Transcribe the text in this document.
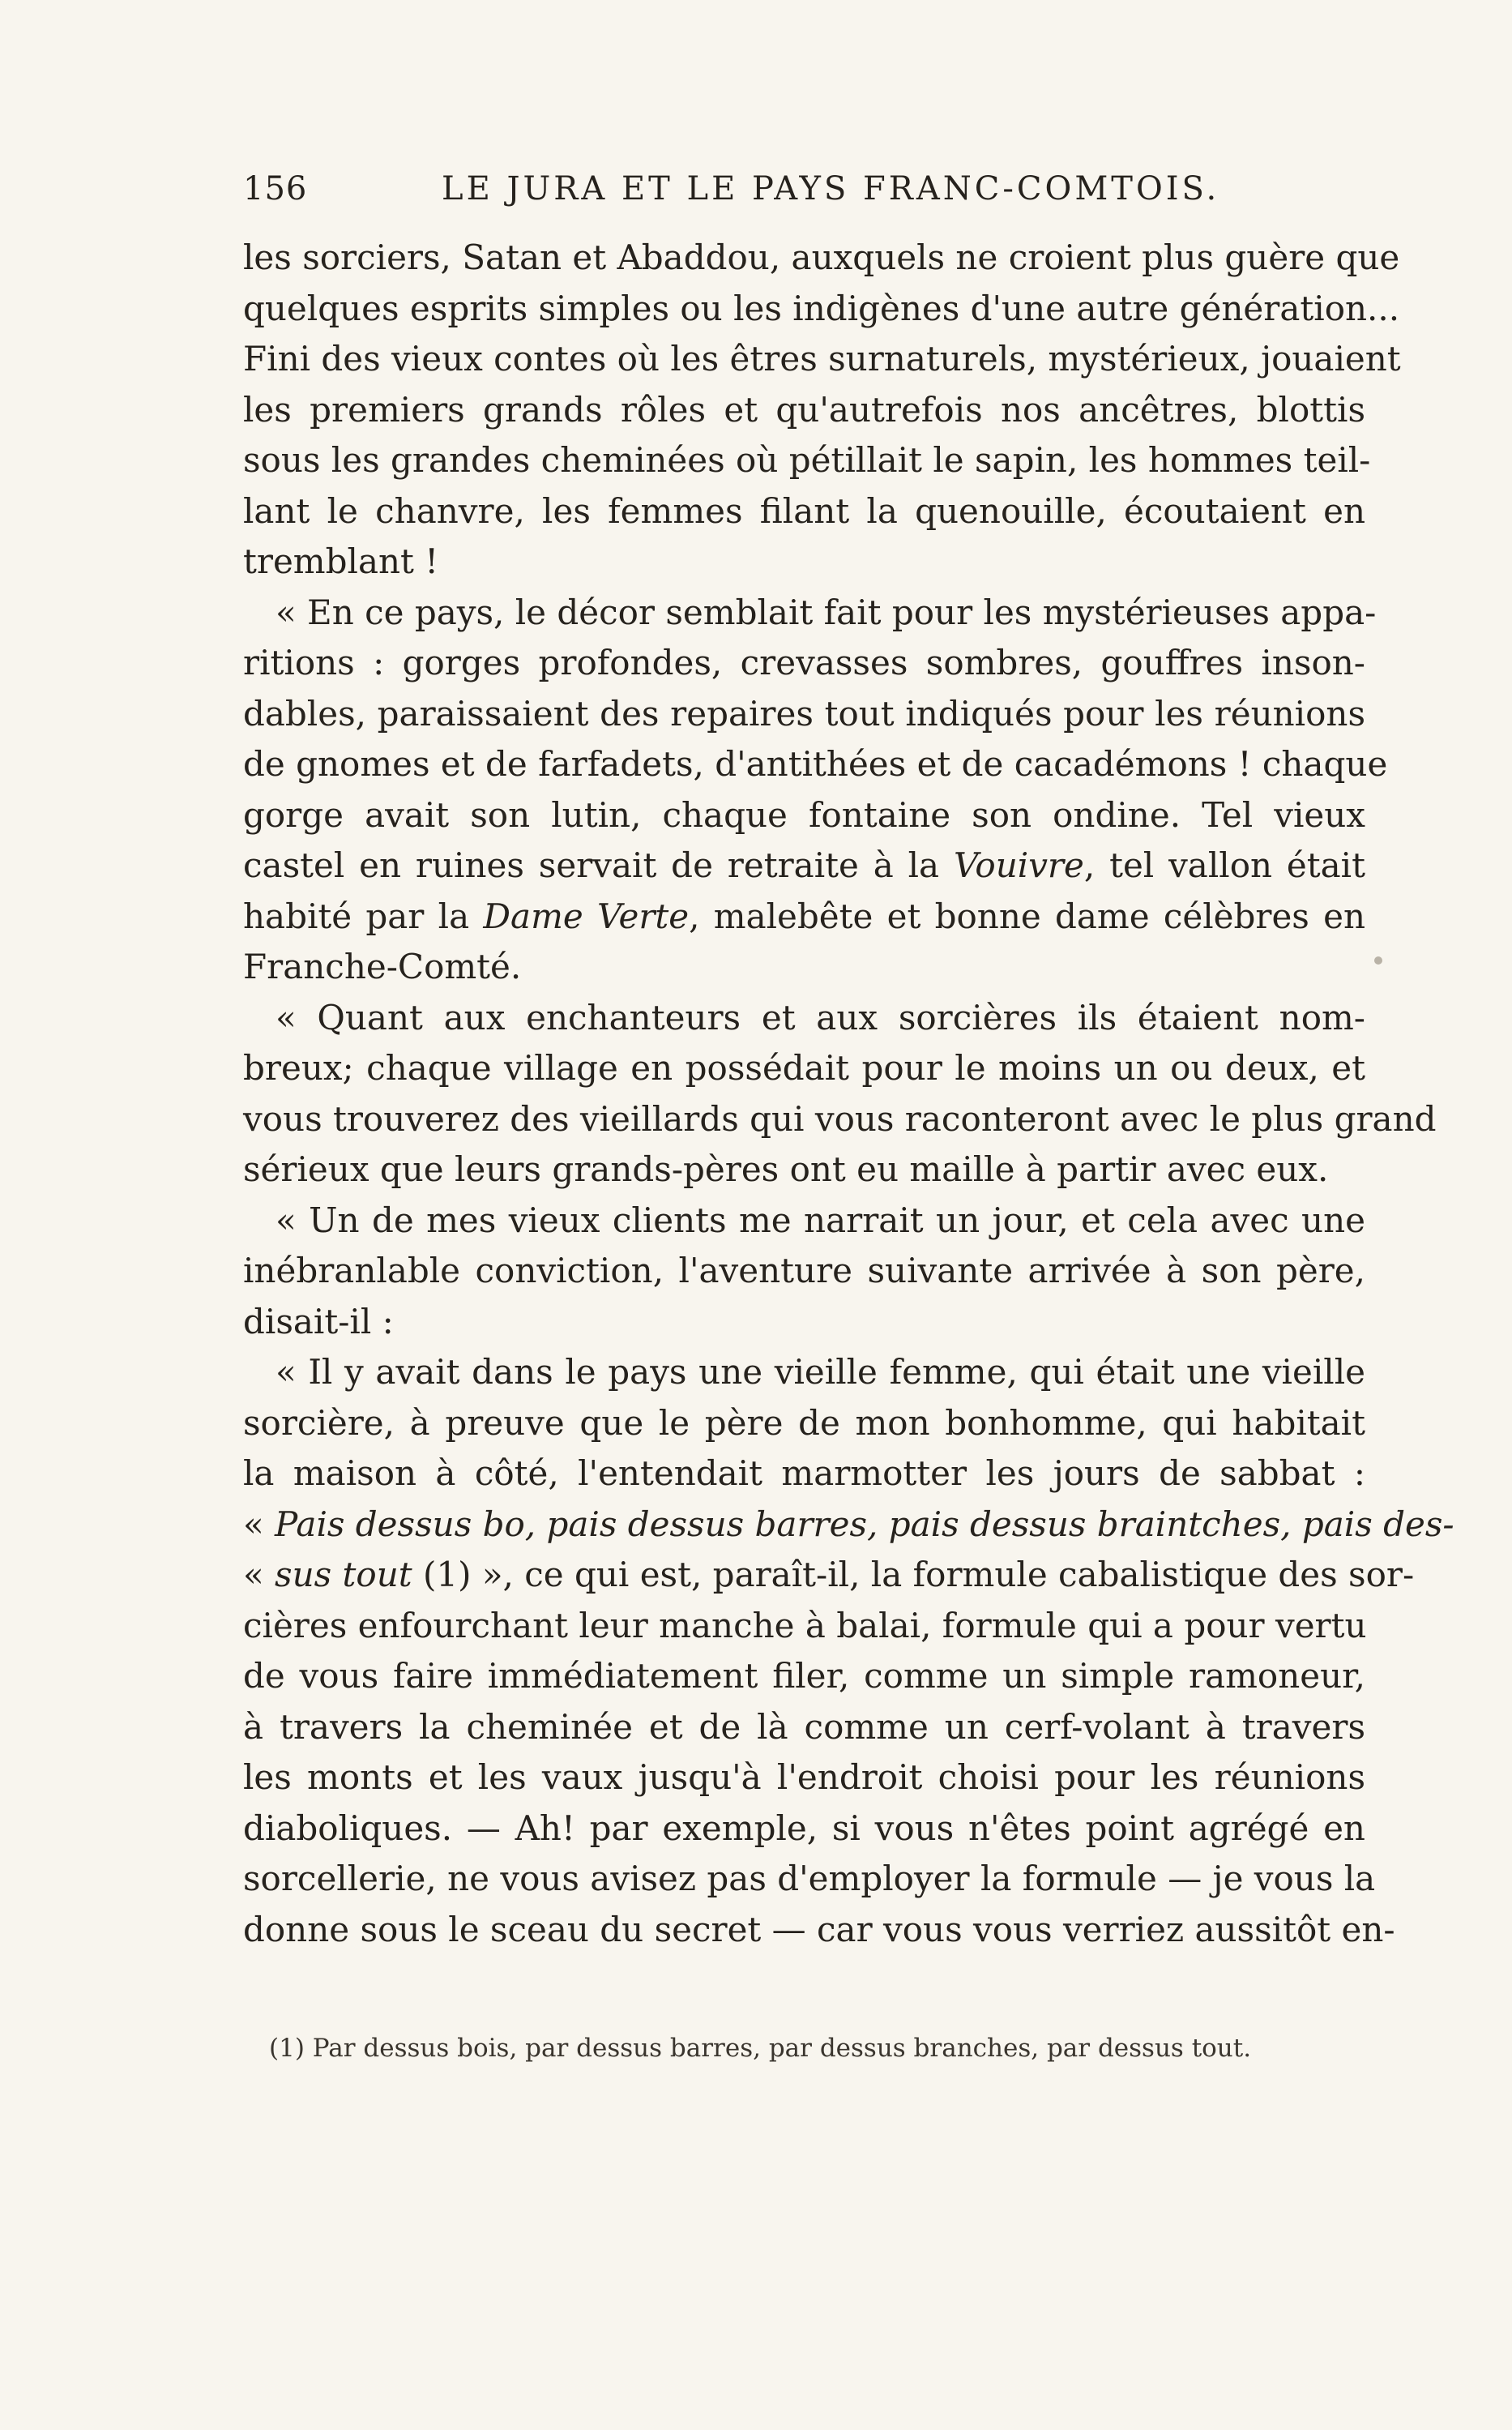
156	LE JURA ET LE PAYS FRANC-COMTOIS.
les sorciers, Satan et Abaddou, auxquels ne croient plus guère que
quelques esprits simples ou les indigènes d'une autre génération...
Fini des vieux contes où les êtres surnaturels, mystérieux, jouaient
les premiers grands rôles et qu'autrefois nos ancêtres, blottis
sous les grandes cheminées où pétillait le sapin, les hommes teil-
lant le chanvre, les femmes filant la quenouille, écoutaient en
tremblant !
« En ce pays, le décor semblait fait pour les mystérieuses appa-
ritions : gorges profondes, crevasses sombres, gouffres inson-
dables, paraissaient des repaires tout indiqués pour les réunions
de gnomes et de farfadets, d'antithées et de cacadémons ! chaque
gorge avait son lutin, chaque fontaine son ondine. Tel vieux
castel en ruines servait de retraite à la Vouivre, tel vallon était
habité par la Dame Verte, malebête et bonne dame célèbres en
Franche-Comté.
« Quant aux enchanteurs et aux sorcières ils étaient nom-
breux; chaque village en possédait pour le moins un ou deux, et
vous trouverez des vieillards qui vous raconteront avec le plus grand
sérieux que leurs grands-pères ont eu maille à partir avec eux.
« Un de mes vieux clients me narrait un jour, et cela avec une
inébranlable conviction, l'aventure suivante arrivée à son père,
disait-il :
« Il y avait dans le pays une vieille femme, qui était une vieille
sorcière, à preuve que le père de mon bonhomme, qui habitait
la maison à côté, l'entendait marmotter les jours de sabbat :
« Pais dessus bo, pais dessus barres, pais dessus braintches, pais des-
« sus tout (1) », ce qui est, paraît-il, la formule cabalistique des sor-
cières enfourchant leur manche à balai, formule qui a pour vertu
de vous faire immédiatement filer, comme un simple ramoneur,
à travers la cheminée et de là comme un cerf-volant à travers
les monts et les vaux jusqu'à l'endroit choisi pour les réunions
diaboliques. — Ah! par exemple, si vous n'êtes point agrégé en
sorcellerie, ne vous avisez pas d'employer la formule — je vous la
donne sous le sceau du secret — car vous vous verriez aussitôt en-
(1) Par dessus bois, par dessus barres, par dessus branches, par dessus tout.
